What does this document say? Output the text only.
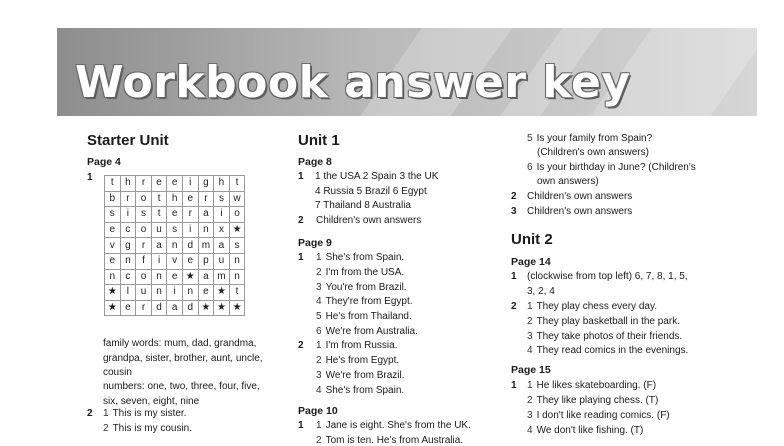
Workbook answer key
Starter Unit
Page 4
1 t	h	r	e	e	i	g	h	t
b	r	o	t	h	e	r	s	w
s	i	s	t	e	r	a	i	o
e	c	o	u	s	i	n	x	★
v	g	r	a	n	d	m	a	s
e	n	f	i	v	e	p	u	n
n	c	o	n	e	★	a	m	n
★	l	u	n	i	n	e	★	t
★	e	r	d	a	d	★	★	★
family words: mum, dad, grandma,
grandpa, sister, brother, aunt, uncle,
cousin
numbers: one, two, three, four, five,
six, seven, eight, nine
2 1 This is my sister.
2 This is my cousin.
Unit 1
Page 8
1 1 the USA 2 Spain 3 the UK
4 Russia 5 Brazil 6 Egypt
7 Thailand 8 Australia
2 Children's own answers
Page 9
1 1 She's from Spain.
2 I'm from the USA.
3 You're from Brazil.
4 They're from Egypt.
5 He's from Thailand.
6 We're from Australia.
2 1 I'm from Russia.
2 He's from Egypt.
3 We're from Brazil.
4 She's from Spain.
Page 10
1 1 Jane is eight. She's from the UK.
2 Tom is ten. He's from Australia.
5 Is your family from Spain?
(Children's own answers)
6 Is your birthday in June? (Children's
own answers)
2 Children's own answers
3 Children's own answers
Unit 2
Page 14
1 (clockwise from top left) 6, 7, 8, 1, 5,
3, 2, 4
2 1 They play chess every day.
2 They play basketball in the park.
3 They take photos of their friends.
4 They read comics in the evenings.
Page 15
1 1 He likes skateboarding. (F)
2 They like playing chess. (T)
3 I don't like reading comics. (F)
4 We don't like fishing. (T)
